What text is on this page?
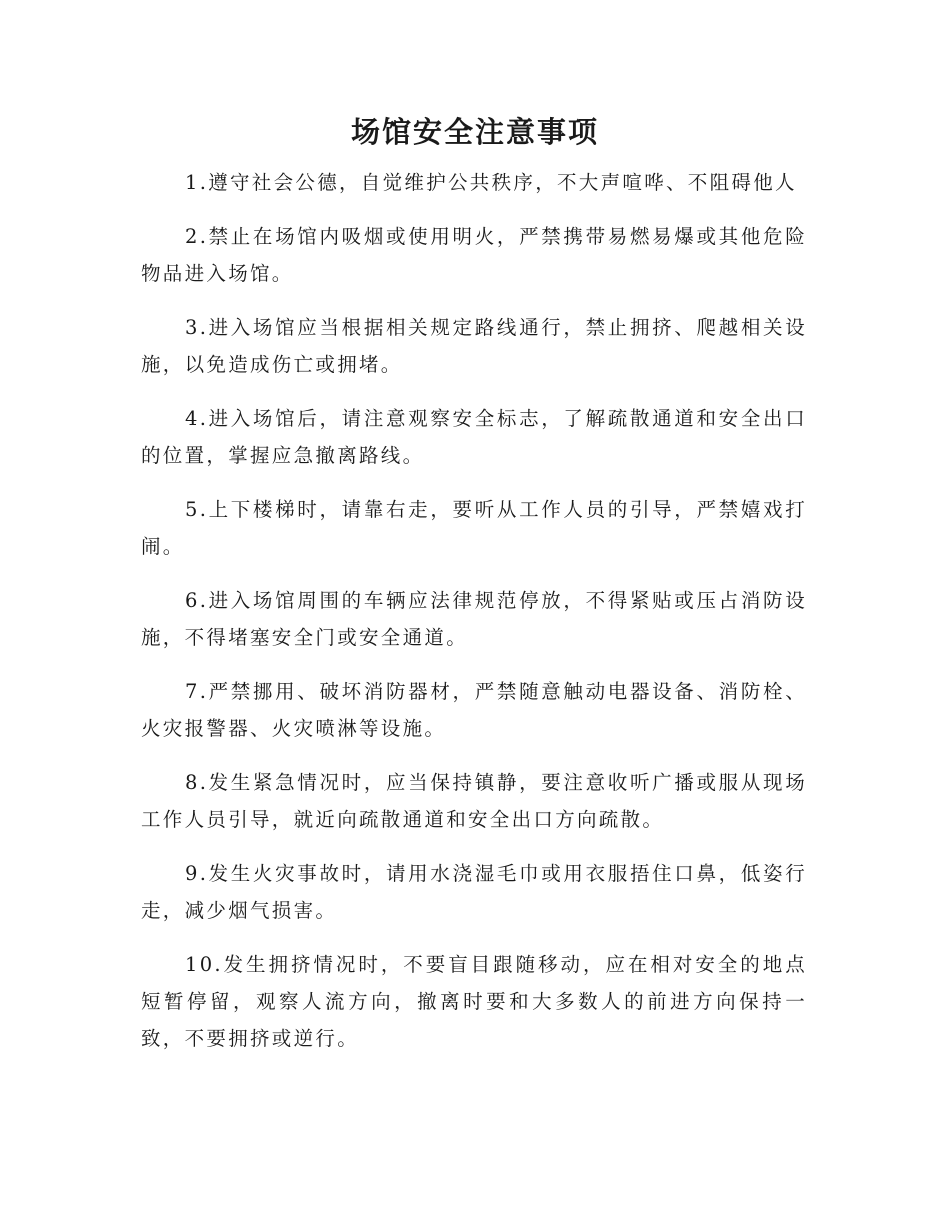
场馆安全注意事项

1.遵守社会公德，自觉维护公共秩序，不大声喧哗、不阻碍他人

2.禁止在场馆内吸烟或使用明火，严禁携带易燃易爆或其他危险物品进入场馆。

3.进入场馆应当根据相关规定路线通行，禁止拥挤、爬越相关设施，以免造成伤亡或拥堵。

4.进入场馆后，请注意观察安全标志，了解疏散通道和安全出口的位置，掌握应急撤离路线。

5.上下楼梯时，请靠右走，要听从工作人员的引导，严禁嬉戏打闹。

6.进入场馆周围的车辆应法律规范停放，不得紧贴或压占消防设施，不得堵塞安全门或安全通道。

7.严禁挪用、破坏消防器材，严禁随意触动电器设备、消防栓、火灾报警器、火灾喷淋等设施。

8.发生紧急情况时，应当保持镇静，要注意收听广播或服从现场工作人员引导，就近向疏散通道和安全出口方向疏散。

9.发生火灾事故时，请用水浇湿毛巾或用衣服捂住口鼻，低姿行走，减少烟气损害。

10.发生拥挤情况时，不要盲目跟随移动，应在相对安全的地点短暂停留，观察人流方向，撤离时要和大多数人的前进方向保持一致，不要拥挤或逆行。
